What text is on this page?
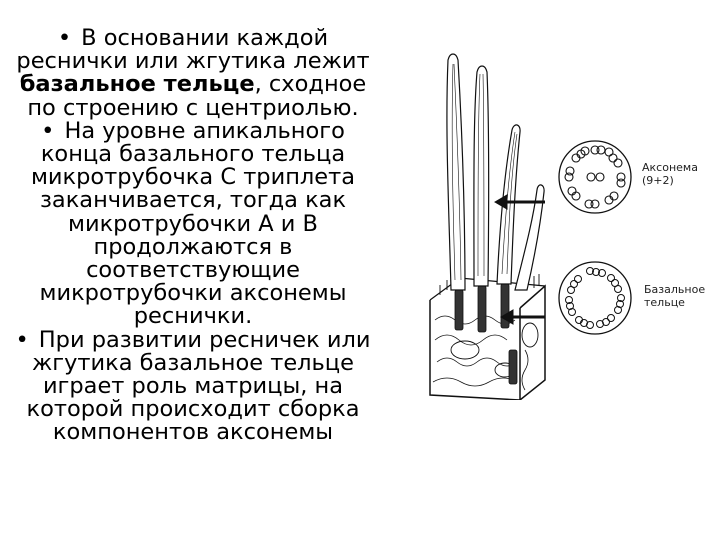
• В основании каждой
реснички или жгутика лежит
базальное тельце, сходное
по строению с центриолью.

• На уровне апикального
конца базального тельца
микротрубочка С триплета
заканчивается, тогда как
микротрубочки А и В
продолжаются в
соответствующие
микротрубочки аксонемы
реснички.

• При развитии ресничек или
жгутика базальное тельце
играет роль матрицы, на
которой происходит сборка
компонентов аксонемы

Аксонема
(9+2)
Базальное
тельце
